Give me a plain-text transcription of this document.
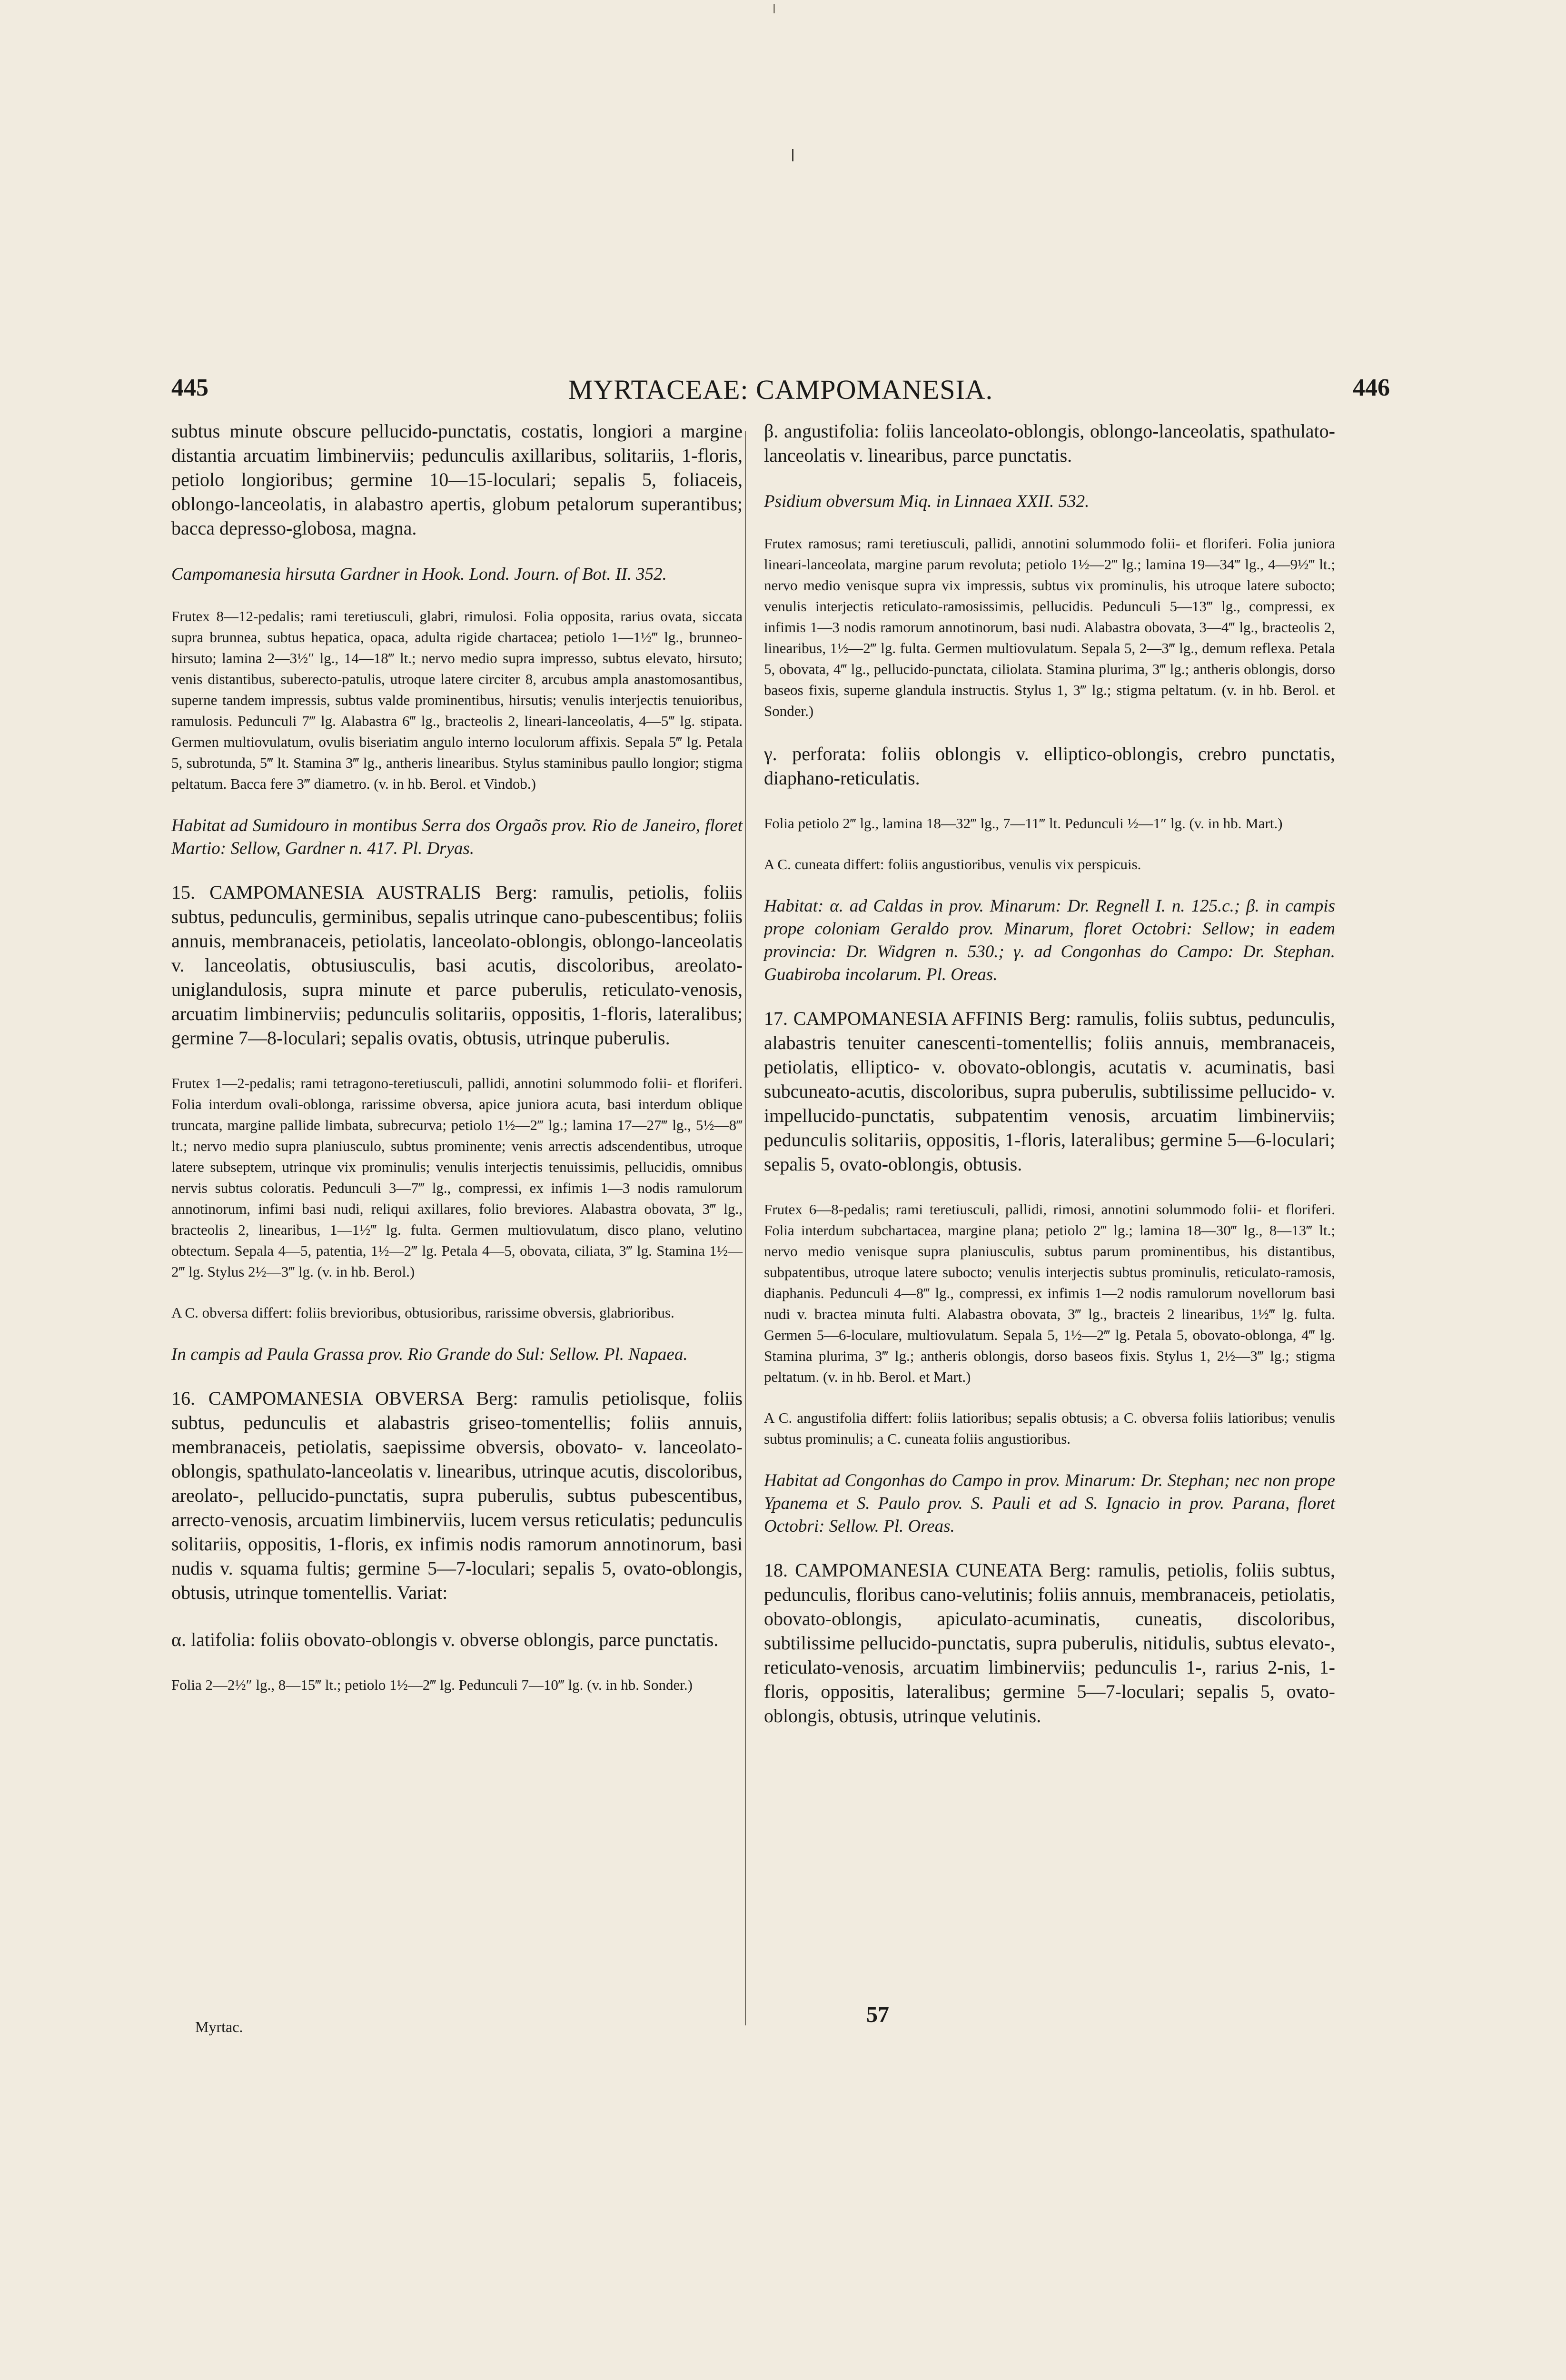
445	MYRTACEAE: CAMPOMANESIA.	446

subtus minute obscure pellucido-punctatis, costatis, longiori a margine distantia arcuatim limbinerviis; pedunculis axillaribus, solitariis, 1-floris, petiolo longioribus; germine 10—15-loculari; sepalis 5, foliaceis, oblongo-lanceolatis, in alabastro apertis, globum petalorum superantibus; bacca depresso-globosa, magna.

Campomanesia hirsuta Gardner in Hook. Lond. Journ. of Bot. II. 352.

Frutex 8—12-pedalis; rami teretiusculi, glabri, rimulosi. Folia opposita, rarius ovata, siccata supra brunnea, subtus hepatica, opaca, adulta rigide chartacea; petiolo 1—1½‴ lg., brunneo-hirsuto; lamina 2—3½″ lg., 14—18‴ lt.; nervo medio supra impresso, subtus elevato, hirsuto; venis distantibus, suberecto-patulis, utroque latere circiter 8, arcubus ampla anastomosantibus, superne tandem impressis, subtus valde prominentibus, hirsutis; venulis interjectis tenuioribus, ramulosis. Pedunculi 7‴ lg. Alabastra 6‴ lg., bracteolis 2, lineari-lanceolatis, 4—5‴ lg. stipata. Germen multiovulatum, ovulis biseriatim angulo interno loculorum affixis. Sepala 5‴ lg. Petala 5, subrotunda, 5‴ lt. Stamina 3‴ lg., antheris linearibus. Stylus staminibus paullo longior; stigma peltatum. Bacca fere 3‴ diametro. (v. in hb. Berol. et Vindob.)

Habitat ad Sumidouro in montibus Serra dos Orgaõs prov. Rio de Janeiro, floret Martio: Sellow, Gardner n. 417. Pl. Dryas.

15. CAMPOMANESIA AUSTRALIS Berg: ramulis, petiolis, foliis subtus, pedunculis, germinibus, sepalis utrinque cano-pubescentibus; foliis annuis, membranaceis, petiolatis, lanceolato-oblongis, oblongo-lanceolatis v. lanceolatis, obtusiusculis, basi acutis, discoloribus, areolato-uniglandulosis, supra minute et parce puberulis, reticulato-venosis, arcuatim limbinerviis; pedunculis solitariis, oppositis, 1-floris, lateralibus; germine 7—8-loculari; sepalis ovatis, obtusis, utrinque puberulis.

Frutex 1—2-pedalis; rami tetragono-teretiusculi, pallidi, annotini solummodo folii- et floriferi. Folia interdum ovali-oblonga, rarissime obversa, apice juniora acuta, basi interdum oblique truncata, margine pallide limbata, subrecurva; petiolo 1½—2‴ lg.; lamina 17—27‴ lg., 5½—8‴ lt.; nervo medio supra planiusculo, subtus prominente; venis arrectis adscendentibus, utroque latere subseptem, utrinque vix prominulis; venulis interjectis tenuissimis, pellucidis, omnibus nervis subtus coloratis. Pedunculi 3—7‴ lg., compressi, ex infimis 1—3 nodis ramulorum annotinorum, infimi basi nudi, reliqui axillares, folio breviores. Alabastra obovata, 3‴ lg., bracteolis 2, linearibus, 1—1½‴ lg. fulta. Germen multiovulatum, disco plano, velutino obtectum. Sepala 4—5, patentia, 1½—2‴ lg. Petala 4—5, obovata, ciliata, 3‴ lg. Stamina 1½—2‴ lg. Stylus 2½—3‴ lg. (v. in hb. Berol.)

A C. obversa differt: foliis brevioribus, obtusioribus, rarissime obversis, glabrioribus.

In campis ad Paula Grassa prov. Rio Grande do Sul: Sellow. Pl. Napaea.

16. CAMPOMANESIA OBVERSA Berg: ramulis petiolisque, foliis subtus, pedunculis et alabastris griseo-tomentellis; foliis annuis, membranaceis, petiolatis, saepissime obversis, obovato- v. lanceolato-oblongis, spathulato-lanceolatis v. linearibus, utrinque acutis, discoloribus, areolato-, pellucido-punctatis, supra puberulis, subtus pubescentibus, arrecto-venosis, arcuatim limbinerviis, lucem versus reticulatis; pedunculis solitariis, oppositis, 1-floris, ex infimis nodis ramorum annotinorum, basi nudis v. squama fultis; germine 5—7-loculari; sepalis 5, ovato-oblongis, obtusis, utrinque tomentellis. Variat:

α. latifolia: foliis obovato-oblongis v. obverse oblongis, parce punctatis.

Folia 2—2½″ lg., 8—15‴ lt.; petiolo 1½—2‴ lg. Pedunculi 7—10‴ lg. (v. in hb. Sonder.)

β. angustifolia: foliis lanceolato-oblongis, oblongo-lanceolatis, spathulato-lanceolatis v. linearibus, parce punctatis.

Psidium obversum Miq. in Linnaea XXII. 532.

Frutex ramosus; rami teretiusculi, pallidi, annotini solummodo folii- et floriferi. Folia juniora lineari-lanceolata, margine parum revoluta; petiolo 1½—2‴ lg.; lamina 19—34‴ lg., 4—9½‴ lt.; nervo medio venisque supra vix impressis, subtus vix prominulis, his utroque latere subocto; venulis interjectis reticulato-ramosissimis, pellucidis. Pedunculi 5—13‴ lg., compressi, ex infimis 1—3 nodis ramorum annotinorum, basi nudi. Alabastra obovata, 3—4‴ lg., bracteolis 2, linearibus, 1½—2‴ lg. fulta. Germen multiovulatum. Sepala 5, 2—3‴ lg., demum reflexa. Petala 5, obovata, 4‴ lg., pellucido-punctata, ciliolata. Stamina plurima, 3‴ lg.; antheris oblongis, dorso baseos fixis, superne glandula instructis. Stylus 1, 3‴ lg.; stigma peltatum. (v. in hb. Berol. et Sonder.)

γ. perforata: foliis oblongis v. elliptico-oblongis, crebro punctatis, diaphano-reticulatis.

Folia petiolo 2‴ lg., lamina 18—32‴ lg., 7—11‴ lt. Pedunculi ½—1″ lg. (v. in hb. Mart.)

A C. cuneata differt: foliis angustioribus, venulis vix perspicuis.

Habitat: α. ad Caldas in prov. Minarum: Dr. Regnell I. n. 125.c.; β. in campis prope coloniam Geraldo prov. Minarum, floret Octobri: Sellow; in eadem provincia: Dr. Widgren n. 530.; γ. ad Congonhas do Campo: Dr. Stephan. Guabiroba incolarum. Pl. Oreas.

17. CAMPOMANESIA AFFINIS Berg: ramulis, foliis subtus, pedunculis, alabastris tenuiter canescenti-tomentellis; foliis annuis, membranaceis, petiolatis, elliptico- v. obovato-oblongis, acutatis v. acuminatis, basi subcuneato-acutis, discoloribus, supra puberulis, subtilissime pellucido- v. impellucido-punctatis, subpatentim venosis, arcuatim limbinerviis; pedunculis solitariis, oppositis, 1-floris, lateralibus; germine 5—6-loculari; sepalis 5, ovato-oblongis, obtusis.

Frutex 6—8-pedalis; rami teretiusculi, pallidi, rimosi, annotini solummodo folii- et floriferi. Folia interdum subchartacea, margine plana; petiolo 2‴ lg.; lamina 18—30‴ lg., 8—13‴ lt.; nervo medio venisque supra planiusculis, subtus parum prominentibus, his distantibus, subpatentibus, utroque latere subocto; venulis interjectis subtus prominulis, reticulato-ramosis, diaphanis. Pedunculi 4—8‴ lg., compressi, ex infimis 1—2 nodis ramulorum novellorum basi nudi v. bractea minuta fulti. Alabastra obovata, 3‴ lg., bracteis 2 linearibus, 1½‴ lg. fulta. Germen 5—6-loculare, multiovulatum. Sepala 5, 1½—2‴ lg. Petala 5, obovato-oblonga, 4‴ lg. Stamina plurima, 3‴ lg.; antheris oblongis, dorso baseos fixis. Stylus 1, 2½—3‴ lg.; stigma peltatum. (v. in hb. Berol. et Mart.)

A C. angustifolia differt: foliis latioribus; sepalis obtusis; a C. obversa foliis latioribus; venulis subtus prominulis; a C. cuneata foliis angustioribus.

Habitat ad Congonhas do Campo in prov. Minarum: Dr. Stephan; nec non prope Ypanema et S. Paulo prov. S. Pauli et ad S. Ignacio in prov. Parana, floret Octobri: Sellow. Pl. Oreas.

18. CAMPOMANESIA CUNEATA Berg: ramulis, petiolis, foliis subtus, pedunculis, floribus cano-velutinis; foliis annuis, membranaceis, petiolatis, obovato-oblongis, apiculato-acuminatis, cuneatis, discoloribus, subtilissime pellucido-punctatis, supra puberulis, nitidulis, subtus elevato-, reticulato-venosis, arcuatim limbinerviis; pedunculis 1-, rarius 2-nis, 1-floris, oppositis, lateralibus; germine 5—7-loculari; sepalis 5, ovato-oblongis, obtusis, utrinque velutinis.

Myrtac.	57
